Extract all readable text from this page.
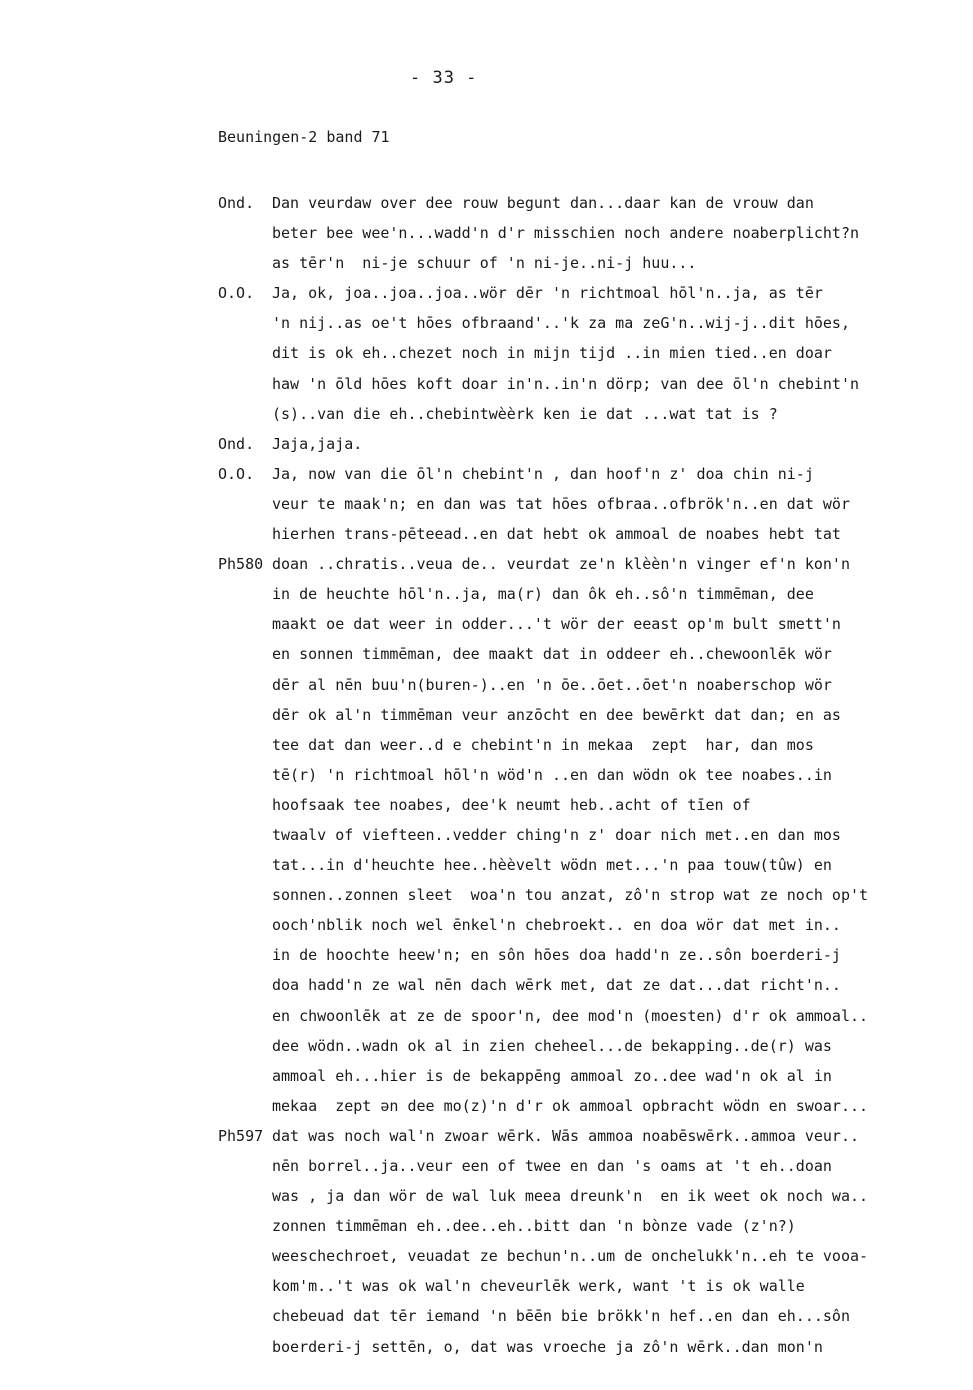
- 33 -
Beuningen-2 band 71
Ond. Dan veurdaw over dee rouw begunt dan...daar kan de vrouw dan
beter bee wee'n...wadd'n d'r misschien noch andere noaberplicht?n
as tēr'n  ni-je schuur of 'n ni-je..ni-j huu...
O.O. Ja, ok, joa..joa..joa..wör dēr 'n richtmoal hōl'n..ja, as tēr
'n nij..as oe't hōes ofbraand'..'k za ma zeG'n..wij-j..dit hōes,
dit is ok eh..chezet noch in mijn tijd ..in mien tied..en doar
haw 'n ōld hōes koft doar in'n..in'n dörp; van dee ōl'n chebint'n
(s)..van die eh..chebintwèèrk ken ie dat ...wat tat is ?
Ond. Jaja,jaja.
O.O. Ja, now van die ōl'n chebint'n , dan hoof'n z' doa chin ni-j
veur te maak'n; en dan was tat hōes ofbraa..ofbrök'n..en dat wör
hierhen trans-pēteead..en dat hebt ok ammoal de noabes hebt tat
Ph580 doan ..chratis..veua de.. veurdat ze'n klèèn'n vinger ef'n kon'n
in de heuchte hōl'n..ja, ma(r) dan ôk eh..sô'n timmēman, dee
maakt oe dat weer in odder...'t wör der eeast op'm bult smett'n
en sonnen timmēman, dee maakt dat in oddeer eh..chewoonlēk wör
dēr al nēn buu'n(buren-)..en 'n ōe..ōet..ōet'n noaberschop wör
dēr ok al'n timmēman veur anzōcht en dee bewērkt dat dan; en as
tee dat dan weer..d e chebint'n in mekaa  zept  har, dan mos
tē(r) 'n richtmoal hōl'n wöd'n ..en dan wödn ok tee noabes..in
hoofsaak tee noabes, dee'k neumt heb..acht of tīen of
twaalv of viefteen..vedder ching'n z' doar nich met..en dan mos
tat...in d'heuchte hee..hèèvelt wödn met...'n paa touw(tûw) en
sonnen..zonnen sleet  woa'n tou anzat, zô'n strop wat ze noch op't
ooch'nblik noch wel ēnkel'n chebroekt.. en doa wör dat met in..
in de hoochte heew'n; en sôn hōes doa hadd'n ze..sôn boerderi-j
doa hadd'n ze wal nēn dach wērk met, dat ze dat...dat richt'n..
en chwoonlēk at ze de spoor'n, dee mod'n (moesten) d'r ok ammoal..
dee wödn..wadn ok al in zien cheheel...de bekapping..de(r) was
ammoal eh...hier is de bekappēng ammoal zo..dee wad'n ok al in
mekaa  zept ǝn dee mo(z)'n d'r ok ammoal opbracht wödn en swoar...
Ph597 dat was noch wal'n zwoar wērk. Wās ammoa noabēswērk..ammoa veur..
nēn borrel..ja..veur een of twee en dan 's oams at 't eh..doan
was , ja dan wör de wal luk meea dreunk'n  en ik weet ok noch wa..
zonnen timmēman eh..dee..eh..bitt dan 'n bònze vade (z'n?)
weeschechroet, veuadat ze bechun'n..um de onchelukk'n..eh te vooa-
kom'm..'t was ok wal'n cheveurlēk werk, want 't is ok walle
chebeuad dat tēr iemand 'n bēēn bie brökk'n hef..en dan eh...sôn
boerderi-j settēn, o, dat was vroeche ja zô'n wērk..dan mon'n
